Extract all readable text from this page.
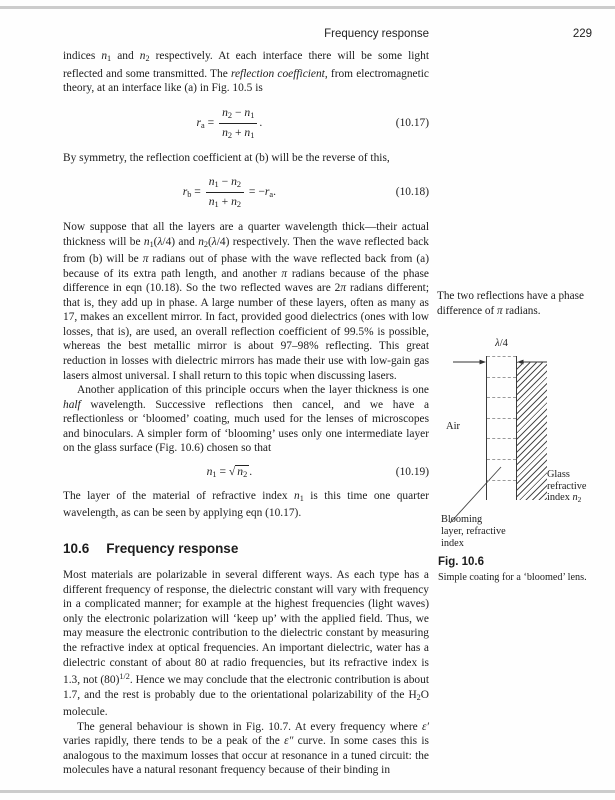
Frequency response	229

indices n1 and n2 respectively. At each interface there will be some light reflected and some transmitted. The reflection coefficient, from electromagnetic theory, at an interface like (a) in Fig. 10.5 is

ra = $\frac{n2 - n1}{n2 + n1}$ .	(10.17)

By symmetry, the reflection coefficient at (b) will be the reverse of this,

rb = $\frac{n1 - n2}{n1 + n2} = -ra$.	(10.18)

Now suppose that all the layers are a quarter wavelength thick—their actual thickness will be n1(λ/4) and n2(λ/4) respectively. Then the wave reflected back from (b) will be π radians out of phase with the wave reflected back from (a) because of its extra path length, and another π radians because of the phase difference in eqn (10.18). So the two reflected waves are 2π radians different; that is, they add up in phase. A large number of these layers, often as many as 17, makes an excellent mirror. In fact, provided good dielectrics (ones with low losses, that is), are used, an overall reflection coefficient of 99.5% is possible, whereas the best metallic mirror is about 97–98% reflecting. This great reduction in losses with dielectric mirrors has made their use with low-gain gas lasers almost universal. I shall return to this topic when discussing lasers.

Another application of this principle occurs when the layer thickness is one half wavelength. Successive reflections then cancel, and we have a reflectionless or ‘bloomed’ coating, much used for the lenses of microscopes and binoculars. A simpler form of ‘blooming’ uses only one intermediate layer on the glass surface (Fig. 10.6) chosen so that

n1 = √ n2 .	(10.19)

The layer of the material of refractive index n1 is this time one quarter wavelength, as can be seen by applying eqn (10.17).

10.6 Frequency response

Most materials are polarizable in several different ways. As each type has a different frequency of response, the dielectric constant will vary with frequency in a complicated manner; for example at the highest frequencies (light waves) only the electronic polarization will ‘keep up’ with the applied field. Thus, we may measure the electronic contribution to the dielectric constant by measuring the refractive index at optical frequencies. An important dielectric, water has a dielectric constant of about 80 at radio frequencies, but its refractive index is 1.3, not $(80)^{1/2}$. Hence we may conclude that the electronic contribution is about 1.7, and the rest is probably due to the orientational polarizability of the H2O molecule.

The general behaviour is shown in Fig. 10.7. At every frequency where ε′ varies rapidly, there tends to be a peak of the ε″ curve. In some cases this is analogous to the maximum losses that occur at resonance in a tuned circuit: the molecules have a natural resonant frequency because of their binding in

The two reflections have a phase difference of π radians.
λ/4
Air
Glass
refractive
index n2
Blooming
layer, refractive
index
Fig. 10.6
Simple coating for a ‘bloomed’ lens.
